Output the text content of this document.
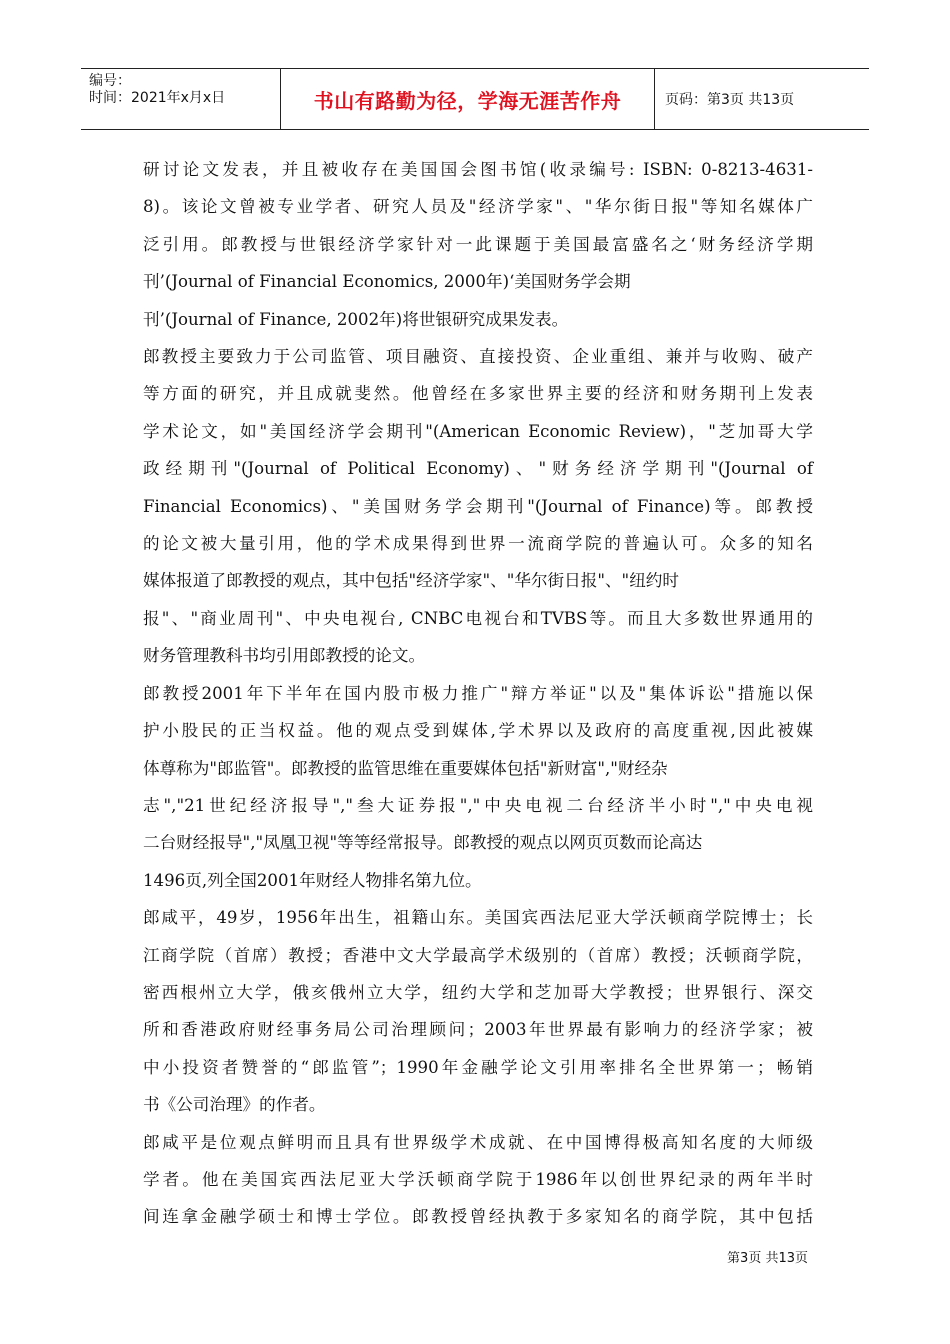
编号：
时间：2021年x月x日	书山有路勤为径，学海无涯苦作舟	页码：第3页 共13页
研讨论文发表，并且被收存在美国国会图书馆(收录编号: ISBN: 0-8213-4631-
8)。该论文曾被专业学者、研究人员及"经济学家"、"华尔街日报"等知名媒体广
泛引用。郎教授与世银经济学家针对一此课题于美国最富盛名之‘财务经济学期
刊’(Journal of Financial Economics, 2000年)‘美国财务学会期
刊’(Journal of Finance, 2002年)将世银研究成果发表。
郎教授主要致力于公司监管、项目融资、直接投资、企业重组、兼并与收购、破产
等方面的研究，并且成就斐然。他曾经在多家世界主要的经济和财务期刊上发表
学术论文，如"美国经济学会期刊"(American Economic Review)，"芝加哥大学
政经期刊"(Journal of Political Economy)、"财务经济学期刊"(Journal of
Financial Economics)、"美国财务学会期刊"(Journal of Finance)等。郎教授
的论文被大量引用，他的学术成果得到世界一流商学院的普遍认可。众多的知名
媒体报道了郎教授的观点，其中包括"经济学家"、"华尔街日报"、"纽约时
报"、"商业周刊"、中央电视台, CNBC电视台和TVBS等。而且大多数世界通用的
财务管理教科书均引用郎教授的论文。
郎教授2001年下半年在国内股市极力推广"辩方举证"以及"集体诉讼"措施以保
护小股民的正当权益。他的观点受到媒体,学术界以及政府的高度重视,因此被媒
体尊称为"郎监管"。郎教授的监管思维在重要媒体包括"新财富","财经杂
志","21世纪经济报导","叁大证券报","中央电视二台经济半小时","中央电视
二台财经报导","凤凰卫视"等等经常报导。郎教授的观点以网页页数而论高达
1496页,列全国2001年财经人物排名第九位。
郎咸平，49岁，1956年出生，祖籍山东。美国宾西法尼亚大学沃顿商学院博士；长
江商学院（首席）教授；香港中文大学最高学术级别的（首席）教授；沃顿商学院，
密西根州立大学，俄亥俄州立大学，纽约大学和芝加哥大学教授；世界银行、深交
所和香港政府财经事务局公司治理顾问；2003年世界最有影响力的经济学家；被
中小投资者赞誉的“郎监管”；1990年金融学论文引用率排名全世界第一；畅销
书《公司治理》的作者。
郎咸平是位观点鲜明而且具有世界级学术成就、在中国博得极高知名度的大师级
学者。他在美国宾西法尼亚大学沃顿商学院于1986年以创世界纪录的两年半时
间连拿金融学硕士和博士学位。郎教授曾经执教于多家知名的商学院，其中包括
第3页 共13页
